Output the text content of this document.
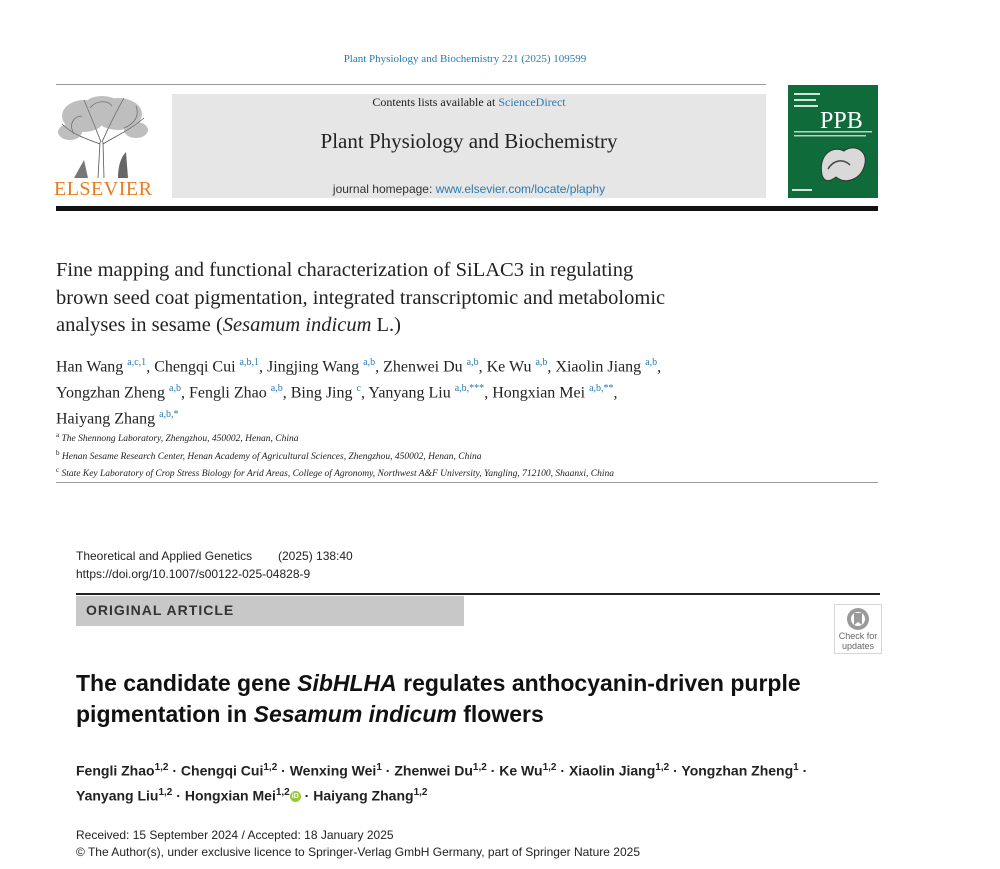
Plant Physiology and Biochemistry 221 (2025) 109599
ELSEVIER
Contents lists available at ScienceDirect
Plant Physiology and Biochemistry
journal homepage: www.elsevier.com/locate/plaphy
PPB
Fine mapping and functional characterization of SiLAC3 in regulating
brown seed coat pigmentation, integrated transcriptomic and metabolomic
analyses in sesame (Sesamum indicum L.)
Han Wang $^{a,c,1}$, Chengqi Cui $^{a,b,1}$, Jingjing Wang $^{a,b}$, Zhenwei Du $^{a,b}$, Ke Wu $^{a,b}$, Xiaolin Jiang $^{a,b}$,
Yongzhan Zheng $^{a,b}$, Fengli Zhao $^{a,b}$, Bing Jing $^c$, Yanyang Liu $^{a,b,***}$, Hongxian Mei $^{a,b,**}$,
Haiyang Zhang $^{a,b,*}$
$^a$ The Shennong Laboratory, Zhengzhou, 450002, Henan, China
$^b$ Henan Sesame Research Center, Henan Academy of Agricultural Sciences, Zhengzhou, 450002, Henan, China
$^c$ State Key Laboratory of Crop Stress Biology for Arid Areas, College of Agronomy, Northwest A&F University, Yangling, 712100, Shaanxi, China
Theoretical and Applied Genetics (2025) 138:40
https://doi.org/10.1007/s00122-025-04828-9
ORIGINAL ARTICLE
Check for updates
The candidate gene SibHLHA regulates anthocyanin-driven purple
pigmentation in Sesamum indicum flowers
Fengli Zhao$^{1,2}$ · Chengqi Cui$^{1,2}$ · Wenxing Wei$^1$ · Zhenwei Du$^{1,2}$ · Ke Wu$^{1,2}$ · Xiaolin Jiang$^{1,2}$ · Yongzhan Zheng$^1$ ·
Yanyang Liu$^{1,2}$ · Hongxian Mei$^{1,2}$ iD · Haiyang Zhang$^{1,2}$
Received: 15 September 2024 / Accepted: 18 January 2025
© The Author(s), under exclusive licence to Springer-Verlag GmbH Germany, part of Springer Nature 2025
